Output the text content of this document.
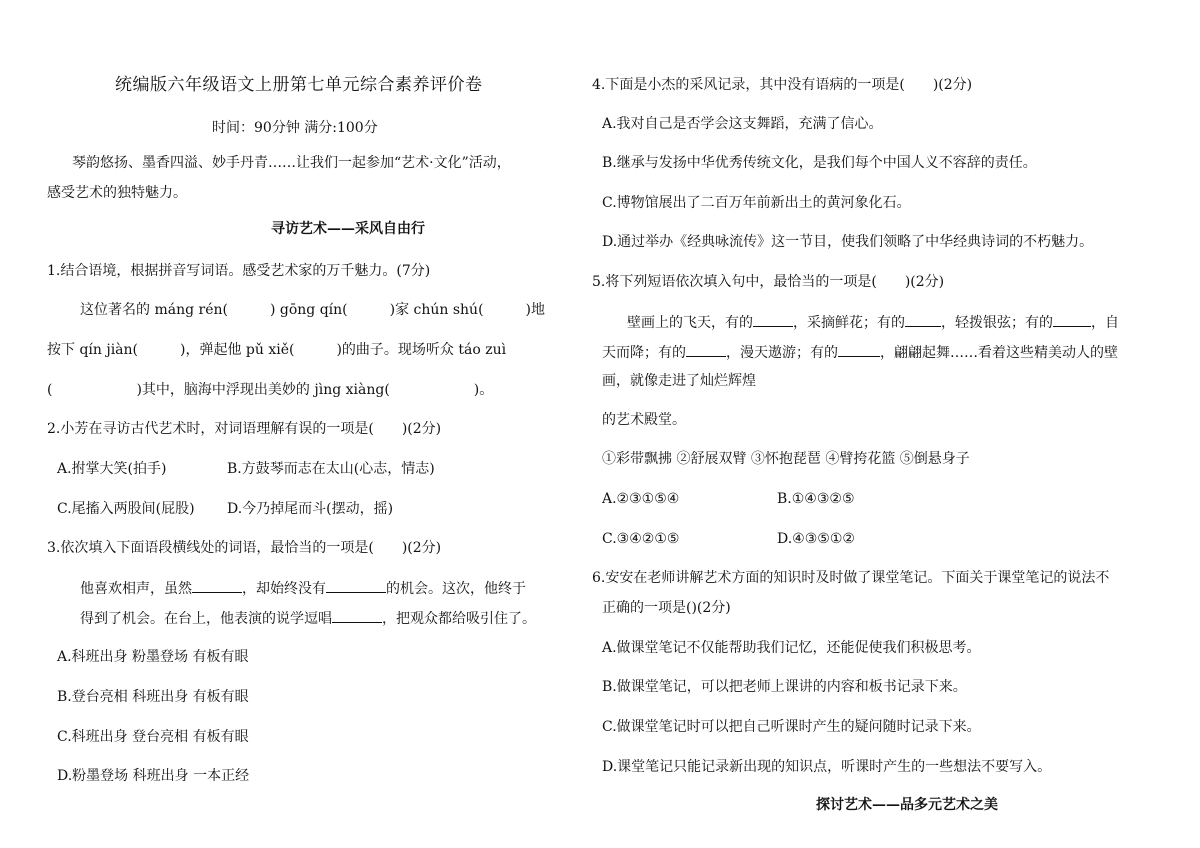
统编版六年级语文上册第七单元综合素养评价卷
时间：90分钟 满分:100分
琴韵悠扬、墨香四溢、妙手丹青……让我们一起参加“艺术·文化”活动，
感受艺术的独特魅力。
寻访艺术——采风自由行
1.结合语境，根据拼音写词语。感受艺术家的万千魅力。(7分)
这位著名的 máng rén(　　　) gōng qín(　　　)家 chún shú(　　　)地
按下 qín jiàn(　　　)，弹起他 pǔ xiě(　　　)的曲子。现场听众 táo zuì
(　　　　　　)其中，脑海中浮现出美妙的 jìng xiàng(　　　　　　)。
2.小芳在寻访古代艺术时，对词语理解有误的一项是(　　)(2分)
A.拊掌大笑(拍手)	B.方鼓琴而志在太山(心志，情志)
C.尾搐入两股间(屁股) D.今乃掉尾而斗(摆动，摇)
3.依次填入下面语段横线处的词语，最恰当的一项是(　　)(2分)
他喜欢相声，虽然	，却始终没有	的机会。这次，他终于
得到了机会。在台上，他表演的说学逗唱	，把观众都给吸引住了。
A.科班出身 粉墨登场 有板有眼
B.登台亮相 科班出身 有板有眼
C.科班出身 登台亮相 有板有眼
D.粉墨登场 科班出身 一本正经
4.下面是小杰的采风记录，其中没有语病的一项是(　　)(2分)
A.我对自己是否学会这支舞蹈，充满了信心。
B.继承与发扬中华优秀传统文化，是我们每个中国人义不容辞的责任。
C.博物馆展出了二百万年前新出土的黄河象化石。
D.通过举办《经典咏流传》这一节目，使我们领略了中华经典诗词的不朽魅力。
5.将下列短语依次填入句中，最恰当的一项是(　　)(2分)
壁画上的飞天，有的	，采摘鲜花；有的	，轻拨银弦；有的	，自
天而降；有的	，漫天遨游；有的	，翩翩起舞……看着这些精美动人的壁
画，就像走进了灿烂辉煌
的艺术殿堂。
①彩带飘拂 ②舒展双臂 ③怀抱琵琶 ④臂挎花篮 ⑤倒悬身子
A.②③①⑤④	B.①④③②⑤
C.③④②①⑤	D.④③⑤①②
6.安安在老师讲解艺术方面的知识时及时做了课堂笔记。下面关于课堂笔记的说法不
正确的一项是()(2分)
A.做课堂笔记不仅能帮助我们记忆，还能促使我们积极思考。
B.做课堂笔记，可以把老师上课讲的内容和板书记录下来。
C.做课堂笔记时可以把自己听课时产生的疑问随时记录下来。
D.课堂笔记只能记录新出现的知识点，听课时产生的一些想法不要写入。
探讨艺术——品多元艺术之美
